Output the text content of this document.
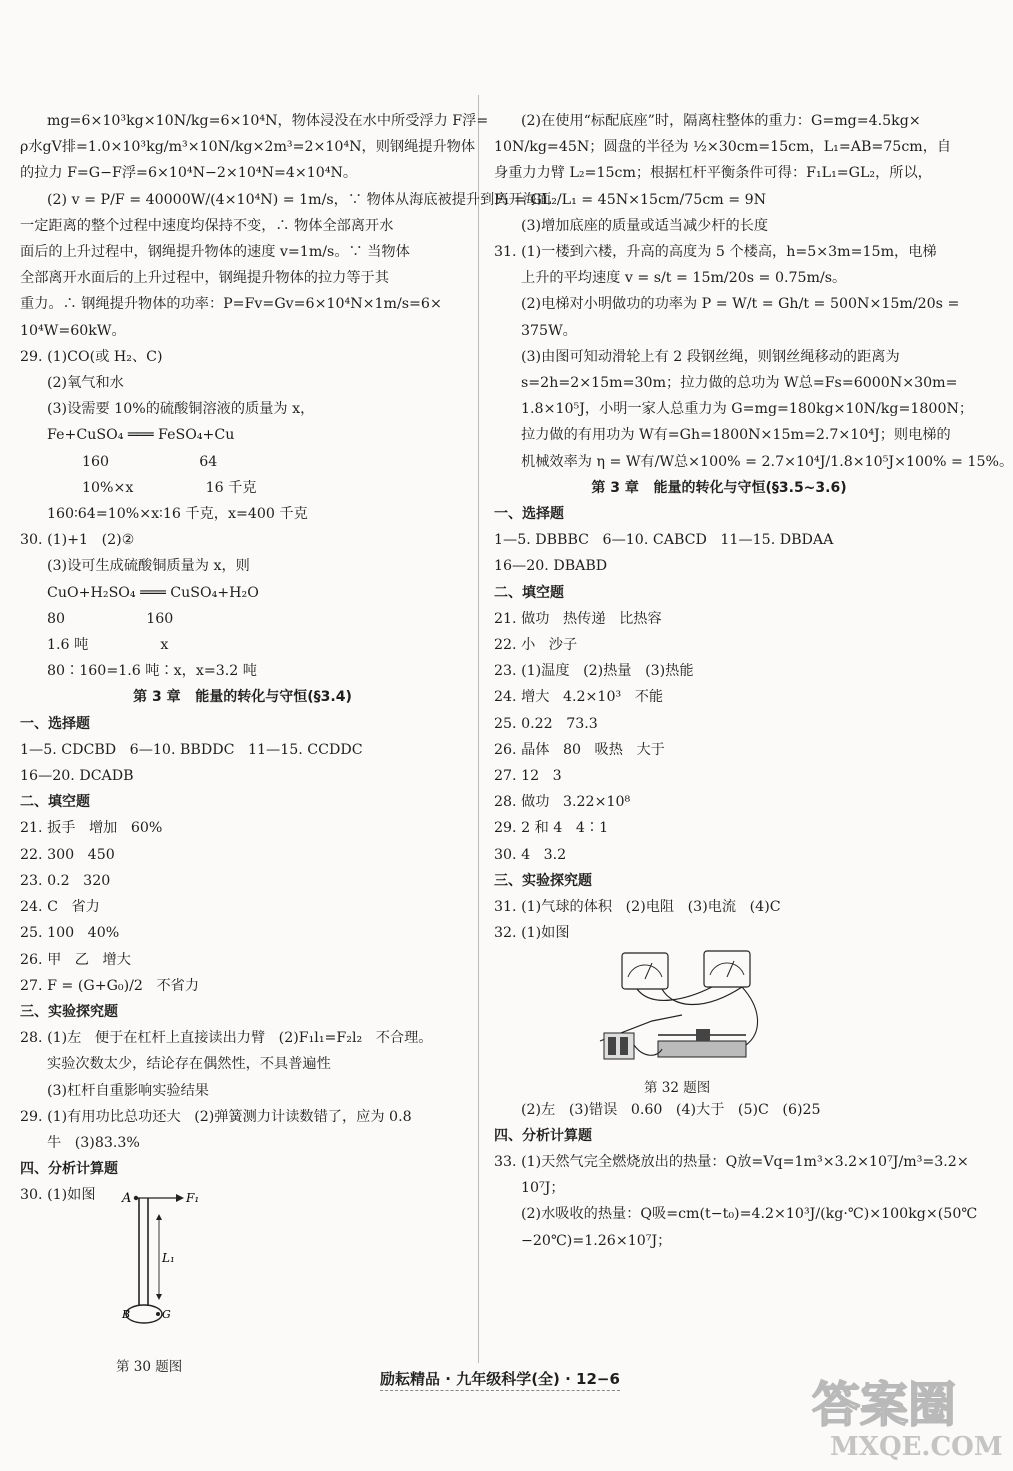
mg=6×10³kg×10N/kg=6×10⁴N，物体浸没在水中所受浮力 F浮=
ρ水gV排=1.0×10³kg/m³×10N/kg×2m³=2×10⁴N，则钢绳提升物体
的拉力 F=G−F浮=6×10⁴N−2×10⁴N=4×10⁴N。
(2) v = P/F = 40000W/(4×10⁴N) = 1m/s，∵ 物体从海底被提升到离开海面
一定距离的整个过程中速度均保持不变，∴ 物体全部离开水
面后的上升过程中，钢绳提升物体的速度 v=1m/s。∵ 当物体
全部离开水面后的上升过程中，钢绳提升物体的拉力等于其
重力。∴ 钢绳提升物体的功率：P=Fv=Gv=6×10⁴N×1m/s=6×
10⁴W=60kW。
29. (1)CO(或 H₂、C)
(2)氧气和水
(3)设需要 10%的硫酸铜溶液的质量为 x，
Fe+CuSO₄ ═══ FeSO₄+Cu
160                    64
10%×x                16 千克
160∶64=10%×x∶16 千克，x=400 千克
30. (1)+1   (2)②
(3)设可生成硫酸铜质量为 x，则
CuO+H₂SO₄ ═══ CuSO₄+H₂O
80                  160
1.6 吨                x
80∶160=1.6 吨∶x，x=3.2 吨
第 3 章   能量的转化与守恒(§3.4)
一、选择题
1—5. CDCBD   6—10. BBDDC   11—15. CCDDC
16—20. DCADB
二、填空题
21. 扳手   增加   60%
22. 300   450
23. 0.2   320
24. C   省力
25. 100   40%
26. 甲   乙   增大
27. F = (G+G₀)/2   不省力
三、实验探究题
28. (1)左   便于在杠杆上直接读出力臂   (2)F₁l₁=F₂l₂   不合理。
实验次数太少，结论存在偶然性，不具普遍性
(3)杠杆自重影响实验结果
29. (1)有用功比总功还大   (2)弹簧测力计读数错了，应为 0.8
牛   (3)83.3%
四、分析计算题
30. (1)如图	A	F₁
L₁
B	G
第 30 题图
(2)在使用“标配底座”时，隔离柱整体的重力：G=mg=4.5kg×
10N/kg=45N；圆盘的半径为 ½×30cm=15cm，L₁=AB=75cm，自
身重力力臂 L₂=15cm；根据杠杆平衡条件可得：F₁L₁=GL₂，所以，
F₁ = GL₂/L₁ = 45N×15cm/75cm = 9N
(3)增加底座的质量或适当减少杆的长度
31. (1)一楼到六楼，升高的高度为 5 个楼高，h=5×3m=15m，电梯
上升的平均速度 v = s/t = 15m/20s = 0.75m/s。
(2)电梯对小明做功的功率为 P = W/t = Gh/t = 500N×15m/20s =
375W。
(3)由图可知动滑轮上有 2 段钢丝绳，则钢丝绳移动的距离为
s=2h=2×15m=30m；拉力做的总功为 W总=Fs=6000N×30m=
1.8×10⁵J，小明一家人总重力为 G=mg=180kg×10N/kg=1800N；
拉力做的有用功为 W有=Gh=1800N×15m=2.7×10⁴J；则电梯的
机械效率为 η = W有/W总×100% = 2.7×10⁴J/1.8×10⁵J×100% = 15%。
第 3 章   能量的转化与守恒(§3.5~3.6)
一、选择题
1—5. DBBBC   6—10. CABCD   11—15. DBDAA
16—20. DBABD
二、填空题
21. 做功   热传递   比热容
22. 小   沙子
23. (1)温度   (2)热量   (3)热能
24. 增大   4.2×10³   不能
25. 0.22   73.3
26. 晶体   80   吸热   大于
27. 12   3
28. 做功   3.22×10⁸
29. 2 和 4   4∶1
30. 4   3.2
三、实验探究题
31. (1)气球的体积   (2)电阻   (3)电流   (4)C
32. (1)如图
第 32 题图
(2)左   (3)错误   0.60   (4)大于   (5)C   (6)25
四、分析计算题
33. (1)天然气完全燃烧放出的热量：Q放=Vq=1m³×3.2×10⁷J/m³=3.2×
10⁷J；
(2)水吸收的热量：Q吸=cm(t−t₀)=4.2×10³J/(kg·℃)×100kg×(50℃
−20℃)=1.26×10⁷J；
励耘精品 · 九年级科学(全) · 12−6	答案圈
MXQE.COM
